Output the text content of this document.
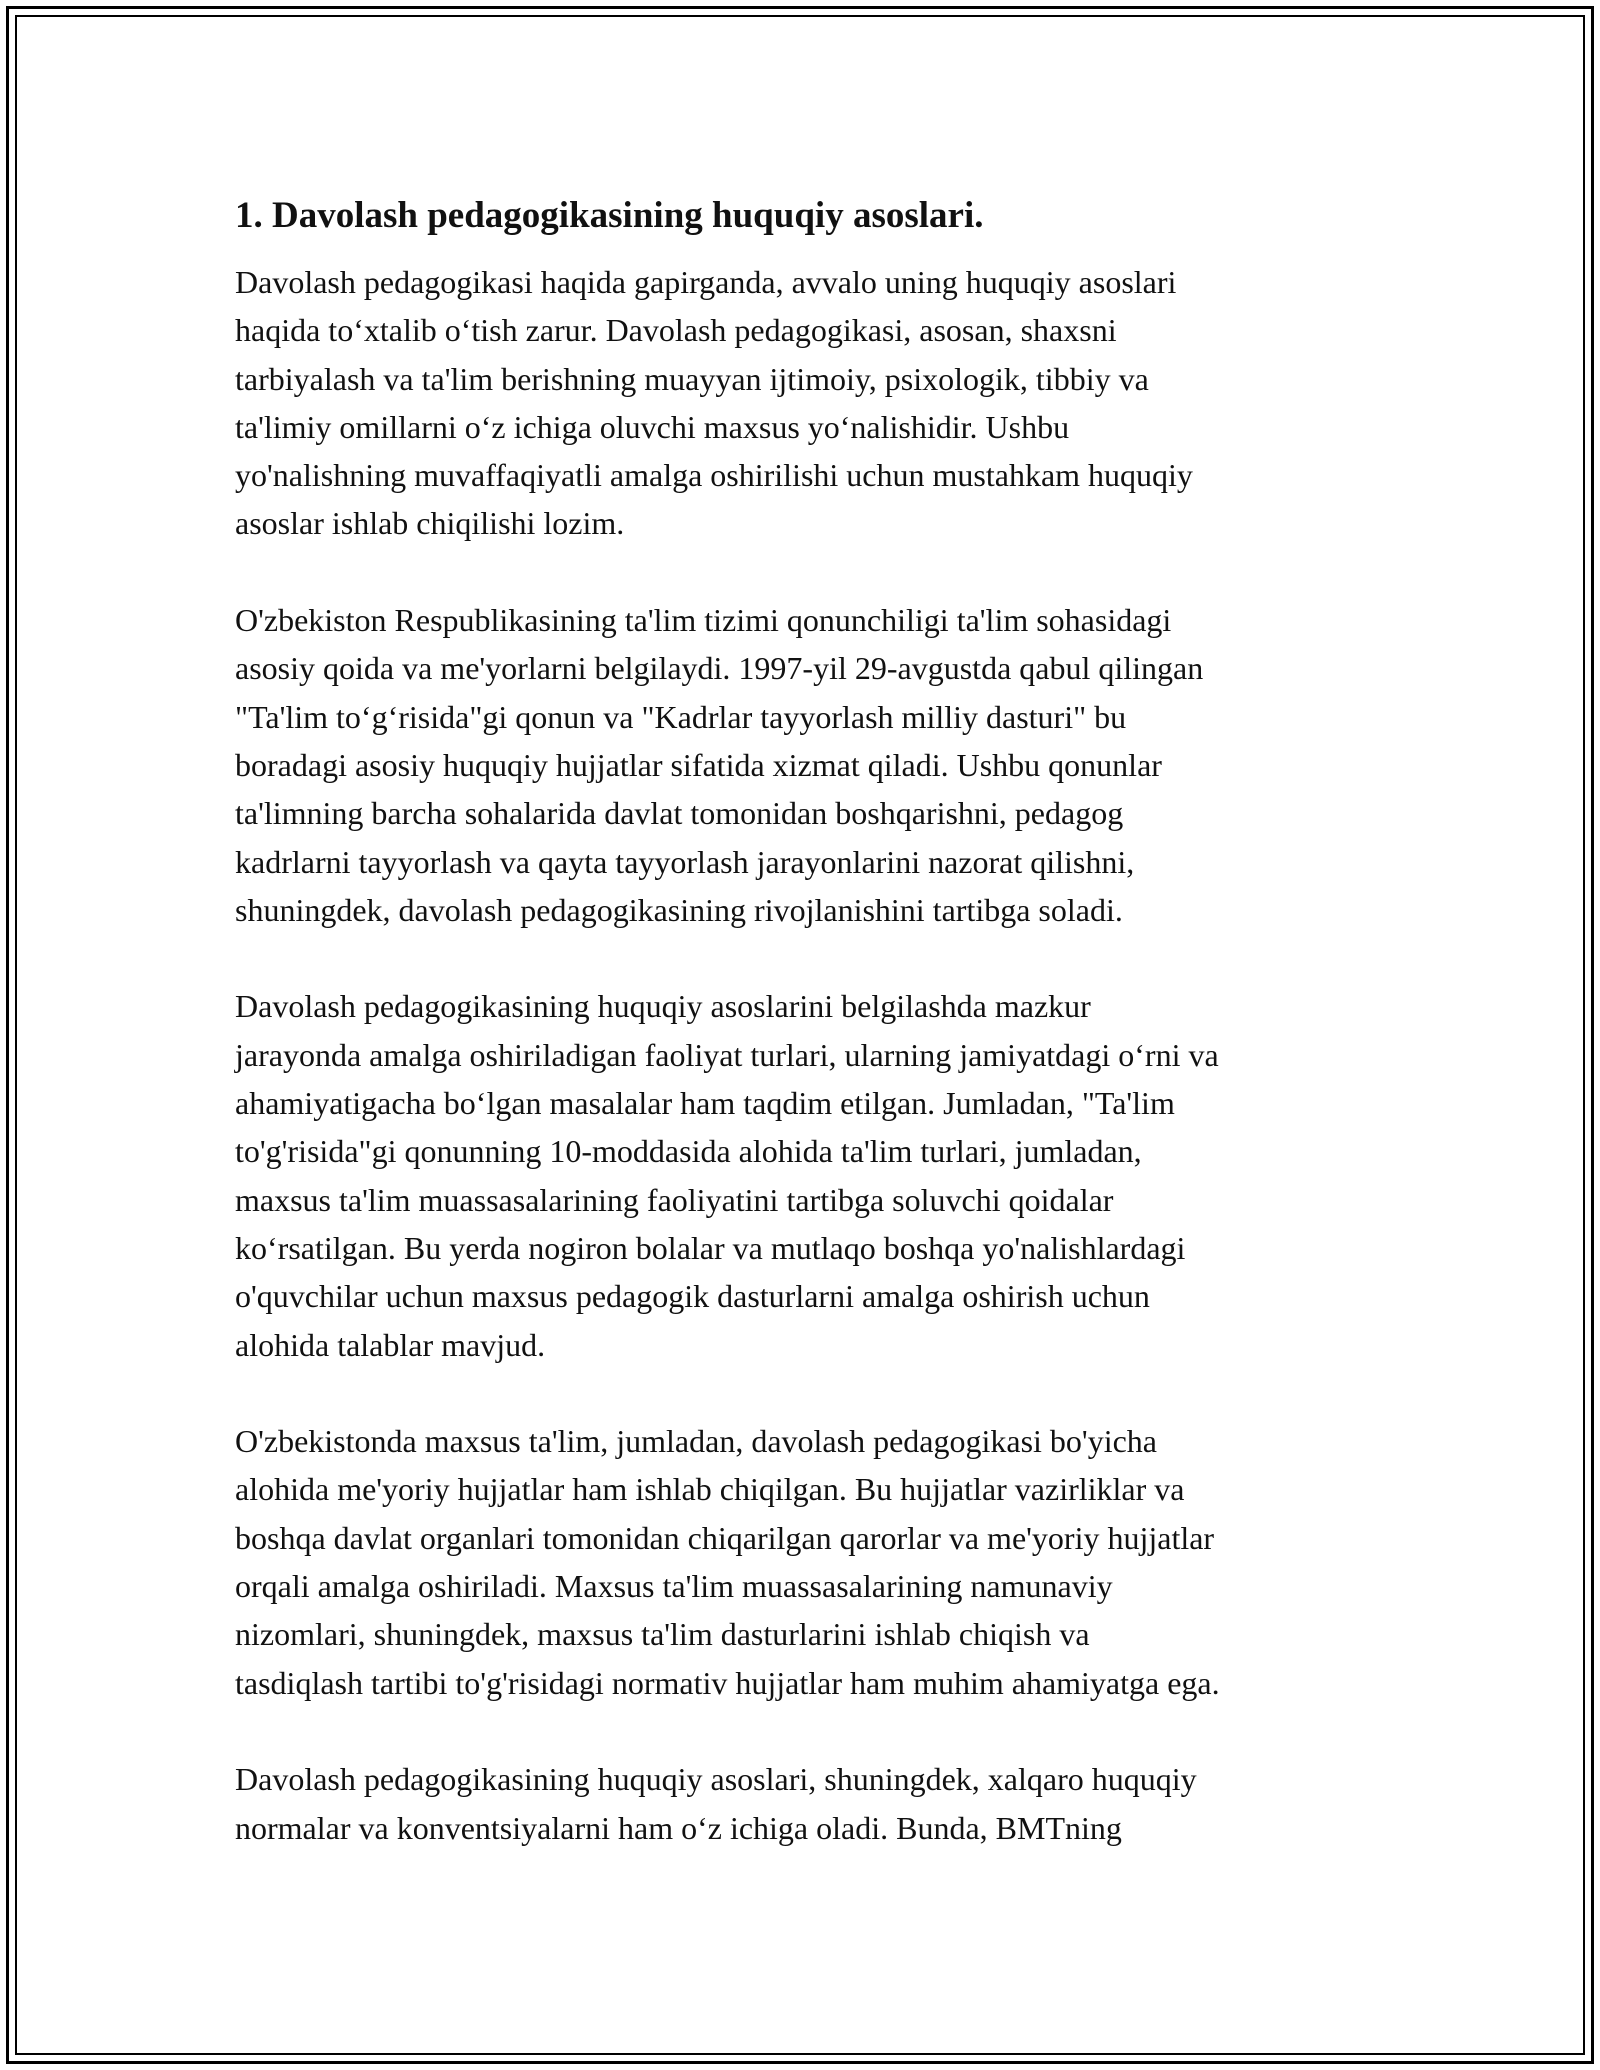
1. Davolash pedagogikasining huquqiy asoslari.
Davolash pedagogikasi haqida gapirganda, avvalo uning huquqiy asoslari
haqida to‘xtalib o‘tish zarur. Davolash pedagogikasi, asosan, shaxsni
tarbiyalash va ta'lim berishning muayyan ijtimoiy, psixologik, tibbiy va
ta'limiy omillarni o‘z ichiga oluvchi maxsus yo‘nalishidir. Ushbu
yo'nalishning muvaffaqiyatli amalga oshirilishi uchun mustahkam huquqiy
asoslar ishlab chiqilishi lozim.
O'zbekiston Respublikasining ta'lim tizimi qonunchiligi ta'lim sohasidagi
asosiy qoida va me'yorlarni belgilaydi. 1997-yil 29-avgustda qabul qilingan
"Ta'lim to‘g‘risida"gi qonun va "Kadrlar tayyorlash milliy dasturi" bu
boradagi asosiy huquqiy hujjatlar sifatida xizmat qiladi. Ushbu qonunlar
ta'limning barcha sohalarida davlat tomonidan boshqarishni, pedagog
kadrlarni tayyorlash va qayta tayyorlash jarayonlarini nazorat qilishni,
shuningdek, davolash pedagogikasining rivojlanishini tartibga soladi.
Davolash pedagogikasining huquqiy asoslarini belgilashda mazkur
jarayonda amalga oshiriladigan faoliyat turlari, ularning jamiyatdagi o‘rni va
ahamiyatigacha bo‘lgan masalalar ham taqdim etilgan. Jumladan, "Ta'lim
to'g'risida"gi qonunning 10-moddasida alohida ta'lim turlari, jumladan,
maxsus ta'lim muassasalarining faoliyatini tartibga soluvchi qoidalar
ko‘rsatilgan. Bu yerda nogiron bolalar va mutlaqo boshqa yo'nalishlardagi
o'quvchilar uchun maxsus pedagogik dasturlarni amalga oshirish uchun
alohida talablar mavjud.
O'zbekistonda maxsus ta'lim, jumladan, davolash pedagogikasi bo'yicha
alohida me'yoriy hujjatlar ham ishlab chiqilgan. Bu hujjatlar vazirliklar va
boshqa davlat organlari tomonidan chiqarilgan qarorlar va me'yoriy hujjatlar
orqali amalga oshiriladi. Maxsus ta'lim muassasalarining namunaviy
nizomlari, shuningdek, maxsus ta'lim dasturlarini ishlab chiqish va
tasdiqlash tartibi to'g'risidagi normativ hujjatlar ham muhim ahamiyatga ega.
Davolash pedagogikasining huquqiy asoslari, shuningdek, xalqaro huquqiy
normalar va konventsiyalarni ham o‘z ichiga oladi. Bunda, BMTning
